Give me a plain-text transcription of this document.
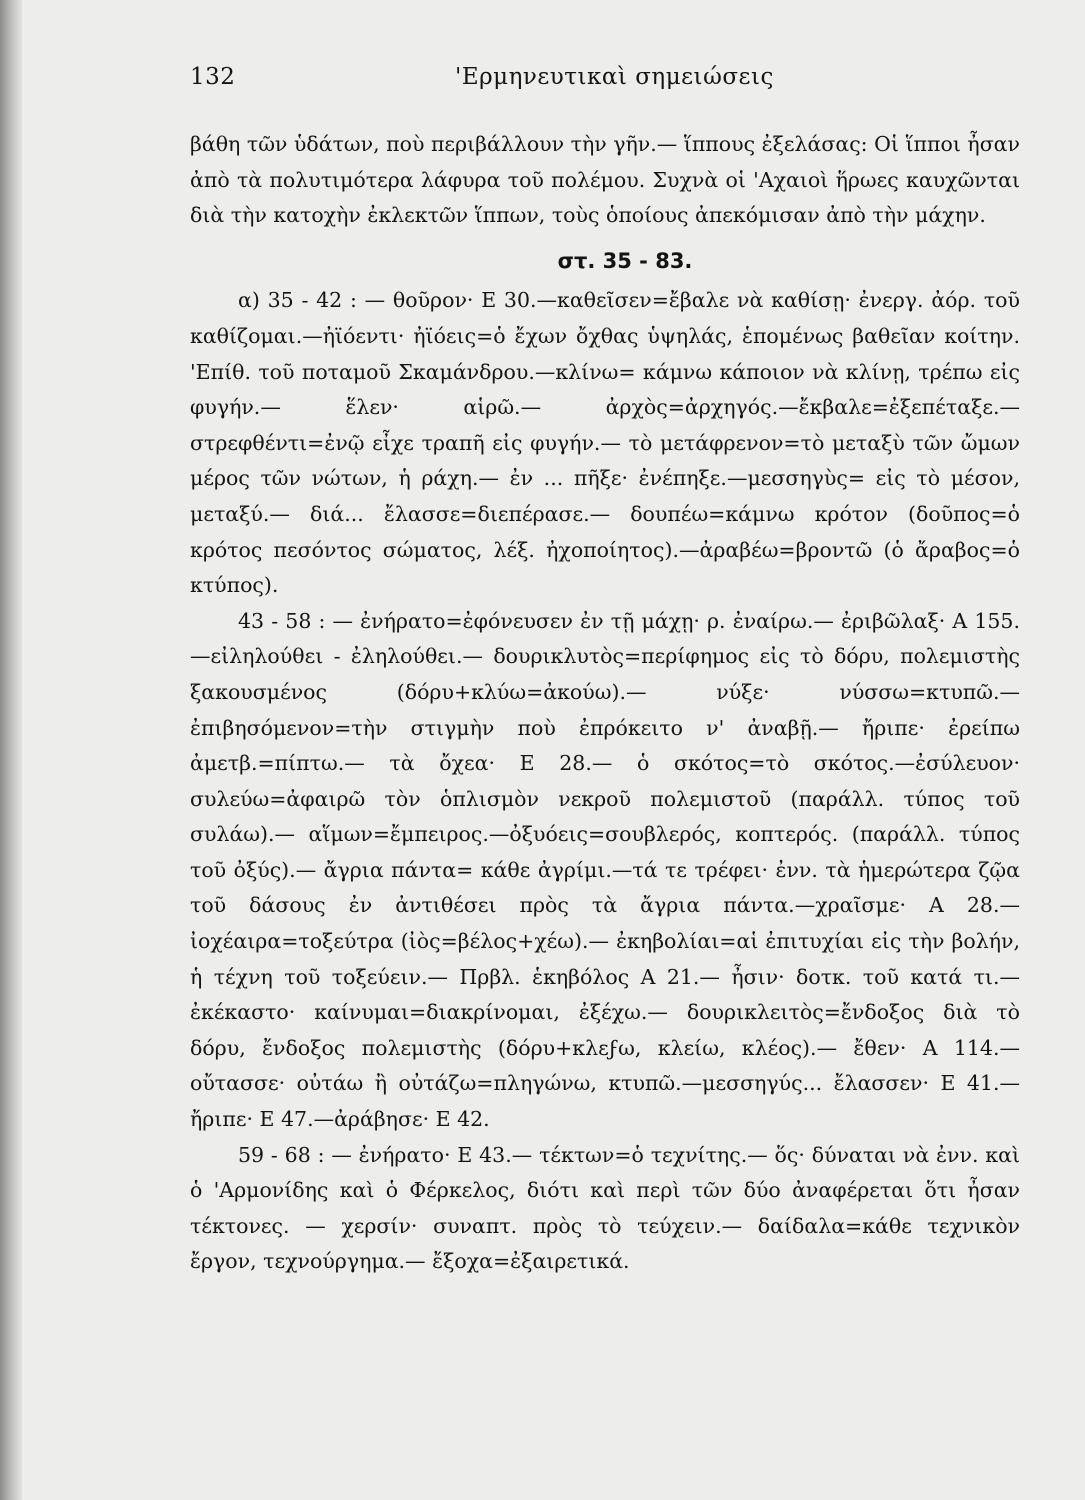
132	'Ερμηνευτικαὶ σημειώσεις

βάθη τῶν ὑδάτων, ποὺ περιβάλλουν τὴν γῆν.— ἵππους ἐξελάσας: Οἱ ἵπποι ἦσαν ἀπὸ τὰ πολυτιμότερα λάφυρα τοῦ πολέμου. Συχνὰ οἱ 'Αχαιοὶ ἥρωες καυχῶνται διὰ τὴν κατοχὴν ἐκλεκτῶν ἵππων, τοὺς ὁποίους ἀπεκόμισαν ἀπὸ τὴν μάχην.

στ. 35 - 83.

α) 35 - 42 : — θοῦρον· Ε 30.—καθεῖσεν=ἔβαλε νὰ καθίσῃ· ἐνεργ. ἀόρ. τοῦ καθίζομαι.—ἠϊόεντι· ἠϊόεις=ὁ ἔχων ὄχθας ὑψηλάς, ἑπομένως βαθεῖαν κοίτην. 'Επίθ. τοῦ ποταμοῦ Σκαμάνδρου.—κλίνω= κάμνω κάποιον νὰ κλίνῃ, τρέπω εἰς φυγήν.— ἕλεν· αἱρῶ.— ἀρχὸς=ἀρχηγός.—ἔκβαλε=ἐξεπέταξε.—στρεφθέντι=ἐνῷ εἶχε τραπῆ εἰς φυγήν.— τὸ μετάφρενον=τὸ μεταξὺ τῶν ὤμων μέρος τῶν νώτων, ἡ ράχη.— ἐν ... πῆξε· ἐνέπηξε.—μεσσηγὺς= εἰς τὸ μέσον, μεταξύ.— διά... ἔλασσε=διεπέρασε.— δουπέω=κάμνω κρότον (δοῦπος=ὁ κρότος πεσόντος σώματος, λέξ. ἠχοποίητος).—ἀραβέω=βροντῶ (ὁ ἄραβος=ὁ κτύπος).

43 - 58 : — ἐνήρατο=ἐφόνευσεν ἐν τῇ μάχῃ· ρ. ἐναίρω.— ἐριβῶλαξ· Α 155.—εἰληλούθει - ἐληλούθει.— δουρικλυτὸς=περίφημος εἰς τὸ δόρυ, πολεμιστὴς ξακουσμένος (δόρυ+κλύω=ἀκούω).— νύξε· νύσσω=κτυπῶ.—ἐπιβησόμενον=τὴν στιγμὴν ποὺ ἐπρόκειτο ν' ἀναβῇ.— ἤριπε· ἐρείπω ἀμετβ.=πίπτω.— τὰ ὄχεα· Ε 28.— ὁ σκότος=τὸ σκότος.—ἐσύλευον· συλεύω=ἀφαιρῶ τὸν ὁπλισμὸν νεκροῦ πολεμιστοῦ (παράλλ. τύπος τοῦ συλάω).— αἵμων=ἔμπειρος.—ὀξυόεις=σουβλερός, κοπτερός. (παράλλ. τύπος τοῦ ὀξύς).— ἄγρια πάντα= κάθε ἀγρίμι.—τά τε τρέφει· ἐνν. τὰ ἡμερώτερα ζῷα τοῦ δάσους ἐν ἀντιθέσει πρὸς τὰ ἄγρια πάντα.—χραῖσμε· Α 28.— ἰοχέαιρα=τοξεύτρα (ἰὸς=βέλος+χέω).— ἐκηβολίαι=αἱ ἐπιτυχίαι εἰς τὴν βολήν, ἡ τέχνη τοῦ τοξεύειν.— Πρβλ. ἑκηβόλος Α 21.— ἦσιν· δοτκ. τοῦ κατά τι.—ἐκέκαστο· καίνυμαι=διακρίνομαι, ἐξέχω.— δουρικλειτὸς=ἔνδοξος διὰ τὸ δόρυ, ἔνδοξος πολεμιστὴς (δόρυ+κλεϝω, κλείω, κλέος).— ἔθεν· Α 114.— οὔτασσε· οὐτάω ἢ οὐτάζω=πληγώνω, κτυπῶ.—μεσσηγύς... ἔλασσεν· Ε 41.—ἤριπε· Ε 47.—ἀράβησε· Ε 42.

59 - 68 : — ἐνήρατο· Ε 43.— τέκτων=ὁ τεχνίτης.— ὅς· δύναται νὰ ἐνν. καὶ ὁ 'Αρμονίδης καὶ ὁ Φέρκελος, διότι καὶ περὶ τῶν δύο ἀναφέρεται ὅτι ἦσαν τέκτονες. — χερσίν· συναπτ. πρὸς τὸ τεύχειν.— δαίδαλα=κάθε τεχνικὸν ἔργον, τεχνούργημα.— ἔξοχα=ἐξαιρετικά.
